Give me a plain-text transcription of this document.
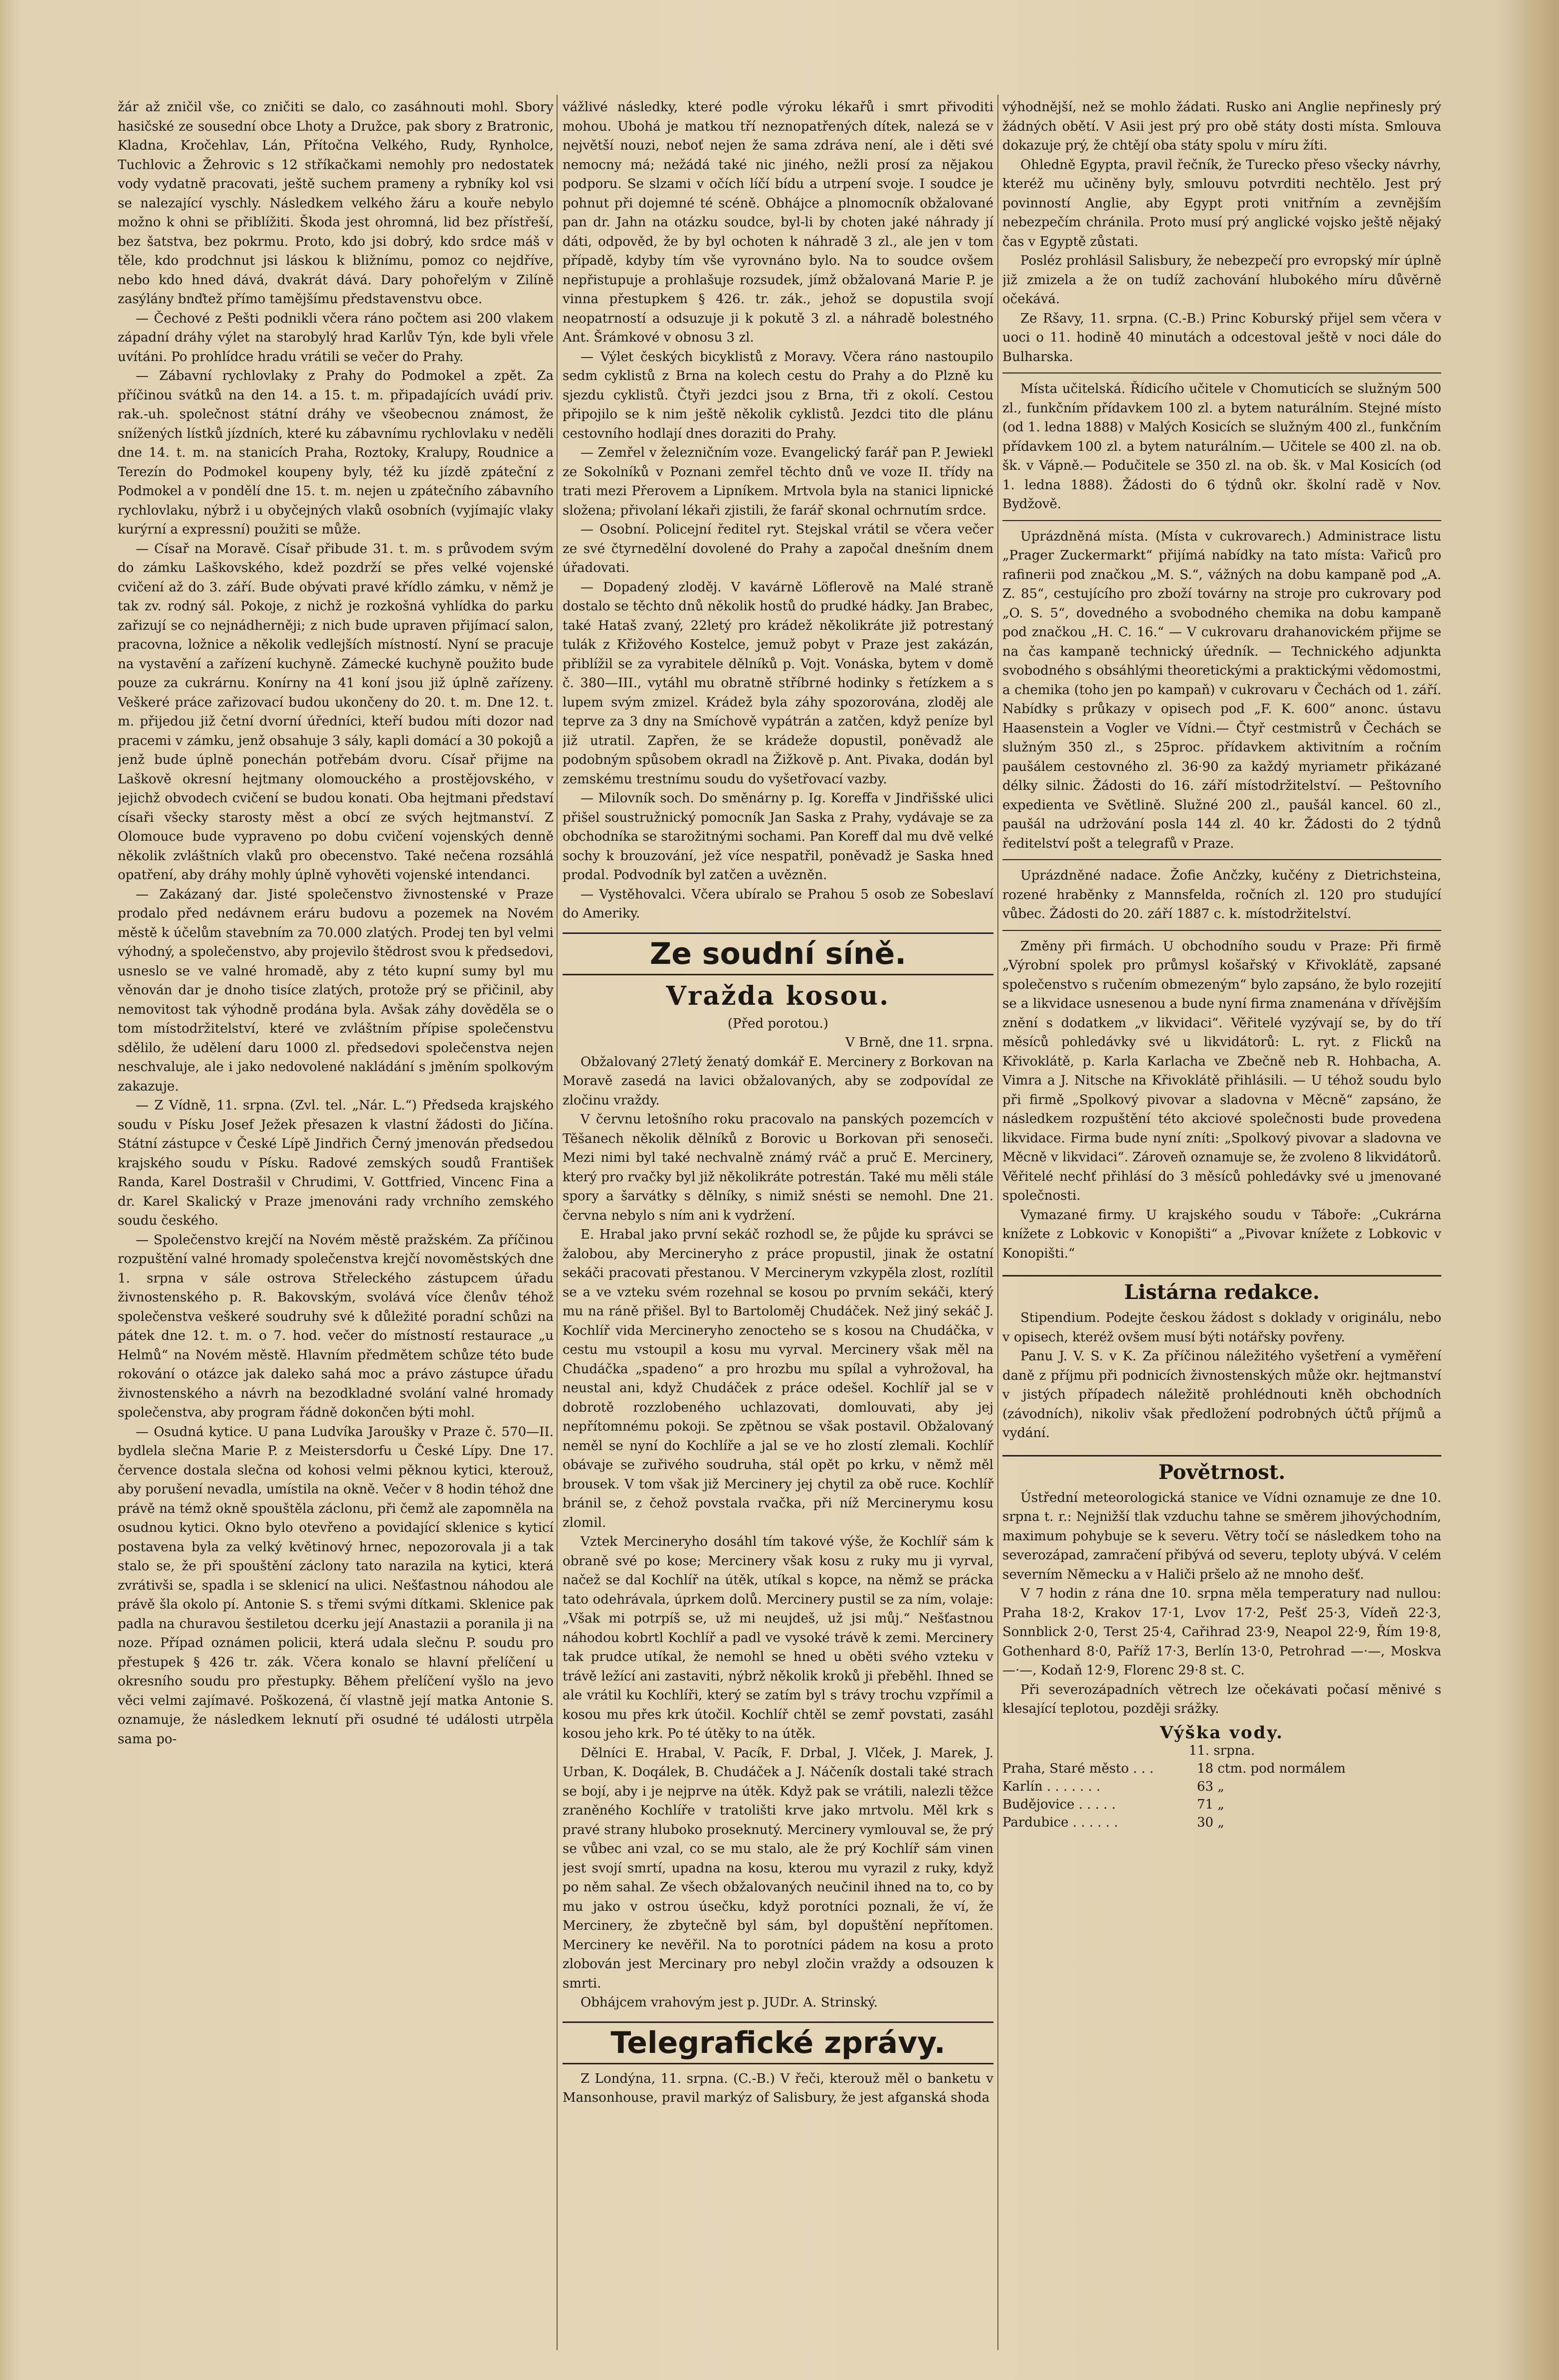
žár až zničil vše, co zničiti se dalo, co zasáhnouti mohl. Sbory hasičské ze sousední obce Lhoty a Družce, pak sbory z Bratronic, Kladna, Kročehlav, Lán, Přítočna Velkého, Rudy, Rynholce, Tuchlovic a Žehrovic s 12 stříkačkami nemohly pro nedostatek vody vydatně pracovati, ještě suchem prameny a rybníky kol vsi se nalezající vyschly. Následkem velkého žáru a kouře nebylo možno k ohni se přiblížiti. Škoda jest ohromná, lid bez přístřeší, bez šatstva, bez pokrmu. Proto, kdo jsi dobrý, kdo srdce máš v těle, kdo prodchnut jsi láskou k bližnímu, pomoz co nejdříve, nebo kdo hned dává, dvakrát dává. Dary pohořelým v Zilíně zasýlány bnďtež přímo tamějšímu představenstvu obce.

— Čechové z Pešti podnikli včera ráno počtem asi 200 vlakem západní dráhy výlet na starobylý hrad Karlův Týn, kde byli vřele uvítáni. Po prohlídce hradu vrátili se večer do Prahy.

— Zábavní rychlovlaky z Prahy do Podmokel a zpět. Za příčinou svátků na den 14. a 15. t. m. připadajících uvádí priv. rak.-uh. společnost státní dráhy ve všeobecnou známost, že snížených lístků jízdních, které ku zábavnímu rychlovlaku v neděli dne 14. t. m. na stanicích Praha, Roztoky, Kralupy, Roudnice a Terezín do Podmokel koupeny byly, též ku jízdě zpáteční z Podmokel a v pondělí dne 15. t. m. nejen u zpátečního zábavního rychlovlaku, nýbrž i u obyčejných vlaků osobních (vyjímajíc vlaky kurýrní a expressní) použiti se může.

— Císař na Moravě. Císař přibude 31. t. m. s průvodem svým do zámku Laškovského, kdež pozdrží se přes velké vojenské cvičení až do 3. září. Bude obývati pravé křídlo zámku, v němž je tak zv. rodný sál. Pokoje, z nichž je rozkošná vyhlídka do parku zařizují se co nejnádherněji; z nich bude upraven přijímací salon, pracovna, ložnice a několik vedlejších místností. Nyní se pracuje na vystavění a zařízení kuchyně. Zámecké kuchyně použito bude pouze za cukrárnu. Konírny na 41 koní jsou již úplně zařízeny. Veškeré práce zařizovací budou ukončeny do 20. t. m. Dne 12. t. m. přijedou již četní dvorní úředníci, kteří budou míti dozor nad pracemi v zámku, jenž obsahuje 3 sály, kapli domácí a 30 pokojů a jenž bude úplně ponechán potřebám dvoru. Císař přijme na Laškově okresní hejtmany olomouckého a prostějovského, v jejichž obvodech cvičení se budou konati. Oba hejtmani představí císaři všecky starosty měst a obcí ze svých hejtmanství. Z Olomouce bude vypraveno po dobu cvičení vojenských denně několik zvláštních vlaků pro obecenstvo. Také nečena rozsáhlá opatření, aby dráhy mohly úplně vyhověti vojenské intendanci.

— Zakázaný dar. Jisté společenstvo živnostenské v Praze prodalo před nedávnem eráru budovu a pozemek na Novém městě k účelům stavebním za 70.000 zlatých. Prodej ten byl velmi výhodný, a společenstvo, aby projevilo štědrost svou k předsedovi, usneslo se ve valné hromadě, aby z této kupní sumy byl mu věnován dar je dnoho tisíce zlatých, protože prý se přičinil, aby nemovitost tak výhodně prodána byla. Avšak záhy dověděla se o tom místodržitelství, které ve zvláštním přípise společenstvu sdělilo, že udělení daru 1000 zl. předsedovi společenstva nejen neschvaluje, ale i jako nedovolené nakládání s jměním spolkovým zakazuje.

— Z Vídně, 11. srpna. (Zvl. tel. „Nár. L.“) Předseda krajského soudu v Písku Josef Ježek přesazen k vlastní žádosti do Jičína. Státní zástupce v České Lípě Jindřich Černý jmenován předsedou krajského soudu v Písku. Radové zemských soudů František Randa, Karel Dostrašil v Chrudimi, V. Gottfried, Vincenc Fina a dr. Karel Skalický v Praze jmenováni rady vrchního zemského soudu českého.

— Společenstvo krejčí na Novém městě pražském. Za příčinou rozpuštění valné hromady společenstva krejčí novoměstských dne 1. srpna v sále ostrova Střeleckého zástupcem úřadu živnostenského p. R. Bakovským, svolává více členův téhož společenstva veškeré soudruhy své k důležité poradní schůzi na pátek dne 12. t. m. o 7. hod. večer do místností restaurace „u Helmů“ na Novém městě. Hlavním předmětem schůze této bude rokování o otázce jak daleko sahá moc a právo zástupce úřadu živnostenského a návrh na bezodkladné svolání valné hromady společenstva, aby program řádně dokončen býti mohl.

— Osudná kytice. U pana Ludvíka Jaroušky v Praze č. 570—II. bydlela slečna Marie P. z Meistersdorfu u České Lípy. Dne 17. července dostala slečna od kohosi velmi pěknou kytici, kterouž, aby porušení nevadla, umístila na okně. Večer v 8 hodin téhož dne právě na témž okně spouštěla záclonu, při čemž ale zapomněla na osudnou kytici. Okno bylo otevřeno a povidající sklenice s kyticí postavena byla za velký květinový hrnec, nepozorovala ji a tak stalo se, že při spouštění záclony tato narazila na kytici, která zvrátivši se, spadla i se sklenicí na ulici. Nešťastnou náhodou ale právě šla okolo pí. Antonie S. s třemi svými dítkami. Sklenice pak padla na churavou šestiletou dcerku její Anastazii a poranila ji na noze. Případ oznámen policii, která udala slečnu P. soudu pro přestupek § 426 tr. zák. Včera konalo se hlavní přelíčení u okresního soudu pro přestupky. Během přelíčení vyšlo na jevo věci velmi zajímavé. Poškozená, čí vlastně její matka Antonie S. oznamuje, že následkem leknutí při osudné té události utrpěla sama po-

vážlivé následky, které podle výroku lékařů i smrt přivoditi mohou. Ubohá je matkou tří neznopatřených dítek, nalezá se v největší nouzi, neboť nejen že sama zdráva není, ale i děti své nemocny má; nežádá také nic jiného, nežli prosí za nějakou podporu. Se slzami v očích líčí bídu a utrpení svoje. I soudce je pohnut při dojemné té scéně. Obhájce a plnomocník obžalované pan dr. Jahn na otázku soudce, byl-li by choten jaké náhrady jí dáti, odpověd, že by byl ochoten k náhradě 3 zl., ale jen v tom případě, kdyby tím vše vyrovnáno bylo. Na to soudce ovšem nepřistupuje a prohlašuje rozsudek, jímž obžalovaná Marie P. je vinna přestupkem § 426. tr. zák., jehož se dopustila svojí neopatrností a odsuzuje ji k pokutě 3 zl. a náhradě bolestného Ant. Šrámkové v obnosu 3 zl.

— Výlet českých bicyklistů z Moravy. Včera ráno nastoupilo sedm cyklistů z Brna na kolech cestu do Prahy a do Plzně ku sjezdu cyklistů. Čtyři jezdci jsou z Brna, tři z okolí. Cestou připojilo se k nim ještě několik cyklistů. Jezdci tito dle plánu cestovního hodlají dnes doraziti do Prahy.

— Zemřel v železničním voze. Evangelický farář pan P. Jewiekl ze Sokolníků v Poznani zemřel těchto dnů ve voze II. třídy na trati mezi Přerovem a Lipníkem. Mrtvola byla na stanici lipnické složena; přivolaní lékaři zjistili, že farář skonal ochrnutím srdce.

— Osobní. Policejní ředitel ryt. Stejskal vrátil se včera večer ze své čtyrnedělní dovolené do Prahy a započal dnešním dnem úřadovati.

— Dopadený zloděj. V kavárně Löflerově na Malé straně dostalo se těchto dnů několik hostů do prudké hádky. Jan Brabec, také Hataš zvaný, 22letý pro krádež několikráte již potrestaný tulák z Křižového Kostelce, jemuž pobyt v Praze jest zakázán, přiblížil se za vyrabitele dělníků p. Vojt. Vonáska, bytem v domě č. 380—III., vytáhl mu obratně stříbrné hodinky s řetízkem a s lupem svým zmizel. Krádež byla záhy spozorována, zloděj ale teprve za 3 dny na Smíchově vypátrán a zatčen, když peníze byl již utratil. Zapřen, že se krádeže dopustil, poněvadž ale podobným spůsobem okradl na Žižkově p. Ant. Pivaka, dodán byl zemskému trestnímu soudu do vyšetřovací vazby.

— Milovník soch. Do směnárny p. Ig. Koreffa v Jindřišské ulici přišel soustružnický pomocník Jan Saska z Prahy, vydávaje se za obchodníka se starožitnými sochami. Pan Koreff dal mu dvě velké sochy k brouzování, jež více nespatřil, poněvadž je Saska hned prodal. Podvodník byl zatčen a uvězněn.

— Vystěhovalci. Včera ubíralo se Prahou 5 osob ze Sobeslaví do Ameriky.

Ze soudní síně.
Vražda kosou.
(Před porotou.)
V Brně, dne 11. srpna.

Obžalovaný 27letý ženatý domkář E. Mercinery z Borkovan na Moravě zasedá na lavici obžalovaných, aby se zodpovídal ze zločinu vraždy.

V červnu letošního roku pracovalo na panských pozemcích v Těšanech několik dělníků z Borovic u Borkovan při senoseči. Mezi nimi byl také nechvalně známý rváč a pruč E. Mercinery, který pro rvačky byl již několikráte potrestán. Také mu měli stále spory a šarvátky s dělníky, s nimiž snésti se nemohl. Dne 21. června nebylo s ním ani k vydržení.

E. Hrabal jako první sekáč rozhodl se, že půjde ku správci se žalobou, aby Mercineryho z práce propustil, jinak že ostatní sekáči pracovati přestanou. V Mercinerym vzkypěla zlost, rozlítil se a ve vzteku svém rozehnal se kosou po prvním sekáči, který mu na ráně přišel. Byl to Bartoloměj Chudáček. Než jiný sekáč J. Kochlíř vida Mercineryho zenocteho se s kosou na Chudáčka, v cestu mu vstoupil a kosu mu vyrval. Mercinery však měl na Chudáčka „spadeno“ a pro hrozbu mu spílal a vyhrožoval, ha neustal ani, když Chudáček z práce odešel. Kochlíř jal se v dobrotě rozzlobeného uchlazovati, domlouvati, aby jej nepřítomnému pokoji. Se zpětnou se však postavil. Obžalovaný neměl se nyní do Kochlíře a jal se ve ho zlostí zlemali. Kochlíř obávaje se zuřivého soudruha, stál opět po krku, v němž měl brousek. V tom však již Mercinery jej chytil za obě ruce. Kochlíř bránil se, z čehož povstala rvačka, při níž Mercinerymu kosu zlomil.

Vztek Mercineryho dosáhl tím takové výše, že Kochlíř sám k obraně své po kose; Mercinery však kosu z ruky mu ji vyrval, načež se dal Kochlíř na útěk, utíkal s kopce, na němž se prácka tato odehrávala, úprkem dolů. Mercinery pustil se za ním, volaje: „Však mi potrpíš se, už mi neujdeš, už jsi můj.“ Nešťastnou náhodou kobrtl Kochlíř a padl ve vysoké trávě k zemi. Mercinery tak prudce utíkal, že nemohl se hned u oběti svého vzteku v trávě ležící ani zastaviti, nýbrž několik kroků ji přeběhl. Ihned se ale vrátil ku Kochlíři, který se zatím byl s trávy trochu vzpřímil a kosou mu přes krk útočil. Kochlíř chtěl se zemř povstati, zasáhl kosou jeho krk. Po té útěky to na útěk.

Dělníci E. Hrabal, V. Pacík, F. Drbal, J. Vlček, J. Marek, J. Urban, K. Doqálek, B. Chudáček a J. Náčeník dostali také strach se bojí, aby i je nejprve na útěk. Když pak se vrátili, nalezli těžce zraněného Kochlíře v tratolišti krve jako mrtvolu. Měl krk s pravé strany hluboko proseknutý. Mercinery vymlouval se, že prý se vůbec ani vzal, co se mu stalo, ale že prý Kochlíř sám vinen jest svojí smrtí, upadna na kosu, kterou mu vyrazil z ruky, když po něm sahal. Ze všech obžalovaných neučinil ihned na to, co by mu jako v ostrou úsečku, když porotníci poznali, že ví, že Mercinery, že zbytečně byl sám, byl dopuštění nepřítomen. Mercinery ke nevěřil. Na to porotníci pádem na kosu a proto zlobován jest Mercinary pro nebyl zločin vraždy a odsouzen k smrti.

Obhájcem vrahovým jest p. JUDr. A. Strinský.

Telegrafické zprávy.

Z Londýna, 11. srpna. (C.-B.) V řeči, kterouž měl o banketu v Mansonhouse, pravil markýz of Salisbury, že jest afganská shoda

výhodnější, než se mohlo žádati. Rusko ani Anglie nepřinesly prý žádných obětí. V Asii jest prý pro obě státy dosti místa. Smlouva dokazuje prý, že chtějí oba státy spolu v míru žíti.

Ohledně Egypta, pravil řečník, že Turecko přeso všecky návrhy, kteréž mu učiněny byly, smlouvu potvrditi nechtělo. Jest prý povinností Anglie, aby Egypt proti vnitřním a zevnějším nebezpečím chránila. Proto musí prý anglické vojsko ještě nějaký čas v Egyptě zůstati.

Posléz prohlásil Salisbury, že nebezpečí pro evropský mír úplně již zmizela a že on tudíž zachování hlubokého míru důvěrně očekává.

Ze Ršavy, 11. srpna. (C.-B.) Princ Koburský přijel sem včera v uoci o 11. hodině 40 minutách a odcestoval ještě v noci dále do Bulharska.

Místa učitelská. Řídicího učitele v Chomuticích se služným 500 zl., funkčním přídavkem 100 zl. a bytem naturálním. Stejné místo (od 1. ledna 1888) v Malých Kosicích se služným 400 zl., funkčním přídavkem 100 zl. a bytem naturálním.— Učitele se 400 zl. na ob. šk. v Vápně.— Podučitele se 350 zl. na ob. šk. v Mal Kosicích (od 1. ledna 1888). Žádosti do 6 týdnů okr. školní radě v Nov. Bydžově.

Uprázdněná místa. (Místa v cukrovarech.) Administrace listu „Prager Zuckermarkt“ přijímá nabídky na tato místa: Vařiců pro rafinerii pod značkou „M. S.“, vážných na dobu kampaně pod „A. Z. 85“, cestujícího pro zboží továrny na stroje pro cukrovary pod „O. S. 5“, dovedného a svobodného chemika na dobu kampaně pod značkou „H. C. 16.“ — V cukrovaru drahanovickém přijme se na čas kampaně technický úředník. — Technického adjunkta svobodného s obsáhlými theoretickými a praktickými vědomostmi, a chemika (toho jen po kampaň) v cukrovaru v Čechách od 1. září. Nabídky s průkazy v opisech pod „F. K. 600“ anonc. ústavu Haasenstein a Vogler ve Vídni.— Čtyř cestmistrů v Čechách se služným 350 zl., s 25proc. přídavkem aktivitním a ročním paušálem cestovného zl. 36·90 za každý myriametr přikázané délky silnic. Žádosti do 16. září místodržitelství. — Peštovního expedienta ve Světlině. Služné 200 zl., paušál kancel. 60 zl., paušál na udržování posla 144 zl. 40 kr. Žádosti do 2 týdnů ředitelství pošt a telegrafů v Praze.

Uprázdněné nadace. Žofie Ančzky, kučény z Dietrichsteina, rozené hraběnky z Mannsfelda, ročních zl. 120 pro studující vůbec. Žádosti do 20. září 1887 c. k. místodržitelství.

Změny při firmách. U obchodního soudu v Praze: Při firmě „Výrobní spolek pro průmysl košařský v Křivoklátě, zapsané společenstvo s ručením obmezeným“ bylo zapsáno, že bylo rozejití se a likvidace usnesenou a bude nyní firma znamenána v dřívějším znění s dodatkem „v likvidaci“. Věřitelé vyzývají se, by do tří měsíců pohledávky své u likvidátorů: L. ryt. z Flicků na Křivoklátě, p. Karla Karlacha ve Zbečně neb R. Hohbacha, A. Vimra a J. Nitsche na Křivoklátě přihlásili. — U téhož soudu bylo při firmě „Spolkový pivovar a sladovna v Měcně“ zapsáno, že následkem rozpuštění této akciové společnosti bude provedena likvidace. Firma bude nyní zníti: „Spolkový pivovar a sladovna ve Měcně v likvidaci“. Zároveň oznamuje se, že zvoleno 8 likvidátorů. Věřitelé nechť přihlásí do 3 měsíců pohledávky své u jmenované společnosti.

Vymazané firmy. U krajského soudu v Táboře: „Cukrárna knížete z Lobkovic v Konopišti“ a „Pivovar knížete z Lobkovic v Konopišti.“

Listárna redakce.

Stipendium. Podejte českou žádost s doklady v originálu, nebo v opisech, kteréž ovšem musí býti notářsky povřeny.

Panu J. V. S. v K. Za příčinou náležitého vyšetření a vyměření daně z příjmu při podnicích živnostenských může okr. hejtmanství v jistých případech náležitě prohlédnouti kněh obchodních (závodních), nikoliv však předložení podrobných účtů příjmů a vydání.

Povětrnost.

Ústřední meteorologická stanice ve Vídni oznamuje ze dne 10. srpna t. r.: Nejnižší tlak vzduchu tahne se směrem jihovýchodním, maximum pohybuje se k severu. Větry točí se následkem toho na severozápad, zamračení přibývá od severu, teploty ubývá. V celém severním Německu a v Haliči pršelo až ne mnoho dešť.

V 7 hodin z rána dne 10. srpna měla temperatury nad nullou: Praha 18·2, Krakov 17·1, Lvov 17·2, Pešť 25·3, Vídeň 22·3, Sonnblick 2·0, Terst 25·4, Cařihrad 23·9, Neapol 22·9, Řím 19·8, Gothenhard 8·0, Paříž 17·3, Berlín 13·0, Petrohrad —·—, Moskva —·—, Kodaň 12·9, Florenc 29·8 st. C.

Při severozápadních větrech lze očekávati počasí měnivé s klesající teplotou, později srážky.

Výška vody.
11. srpna.
Praha, Staré město . . .	18 ctm. pod normálem
Karlín . . . . . . .	63 „
Budějovice . . . . .	71 „
Pardubice . . . . . .	30 „
